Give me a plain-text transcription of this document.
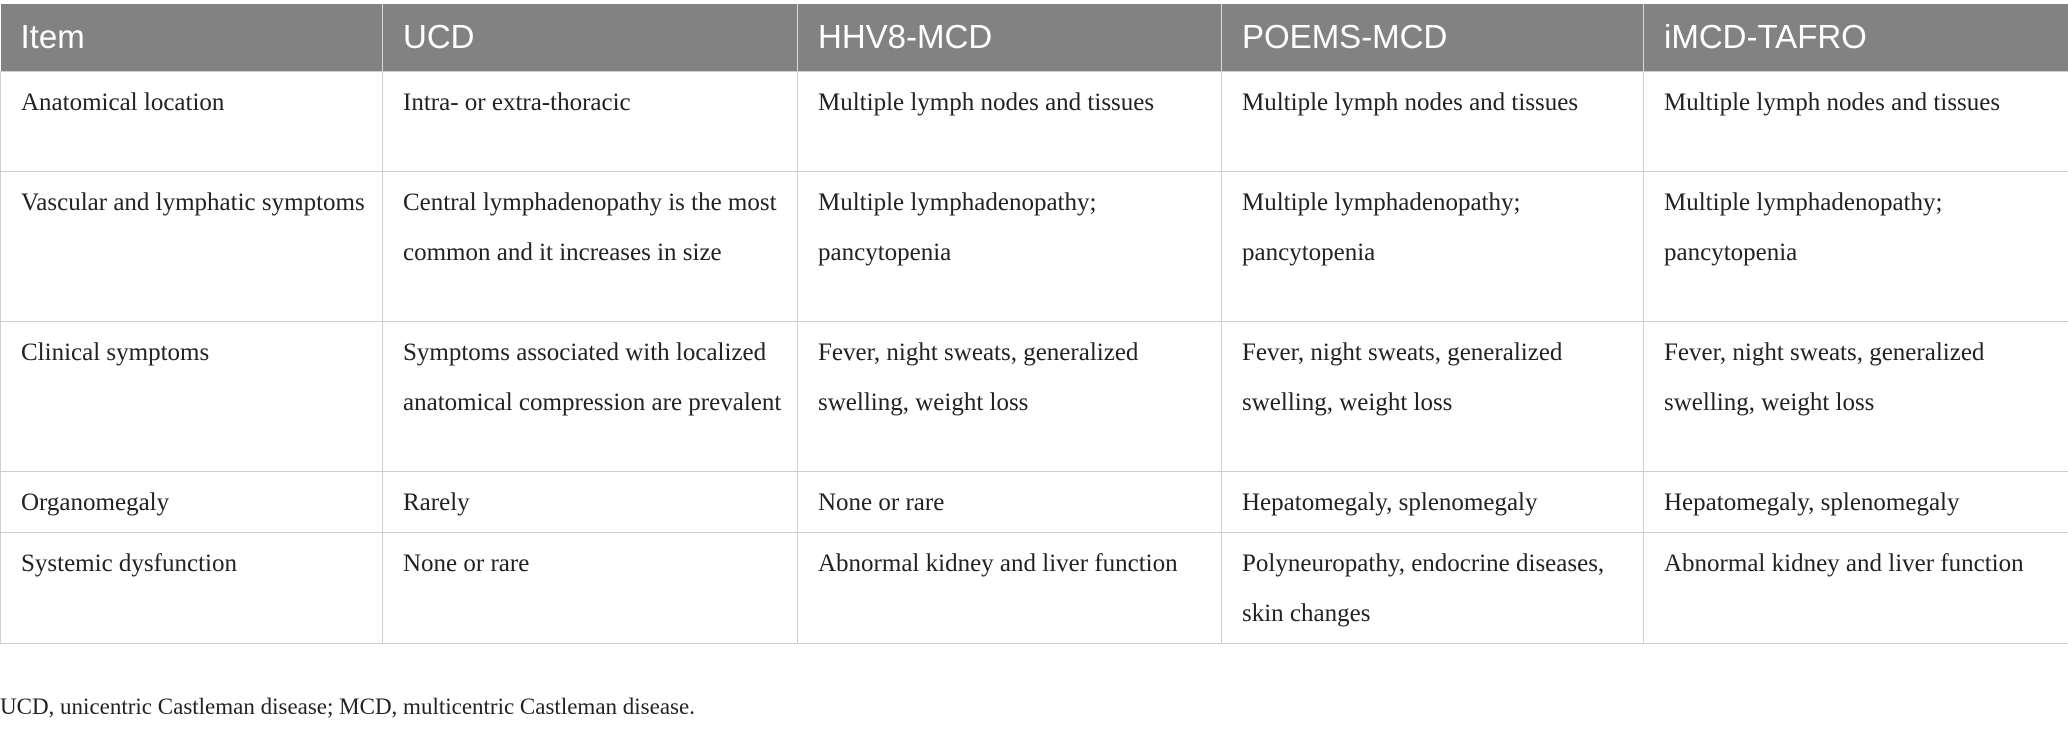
Item	UCD	HHV8-MCD	POEMS-MCD	iMCD-TAFRO
Anatomical location	Intra- or extra-thoracic	Multiple lymph nodes and tissues	Multiple lymph nodes and tissues	Multiple lymph nodes and tissues
Vascular and lymphatic symptoms	Central lymphadenopathy is the most common and it increases in size	Multiple lymphadenopathy; pancytopenia	Multiple lymphadenopathy; pancytopenia	Multiple lymphadenopathy; pancytopenia
Clinical symptoms	Symptoms associated with localized anatomical compression are prevalent	Fever, night sweats, generalized swelling, weight loss	Fever, night sweats, generalized swelling, weight loss	Fever, night sweats, generalized swelling, weight loss
Organomegaly	Rarely	None or rare	Hepatomegaly, splenomegaly	Hepatomegaly, splenomegaly
Systemic dysfunction	None or rare	Abnormal kidney and liver function	Polyneuropathy, endocrine diseases, skin changes	Abnormal kidney and liver function
UCD, unicentric Castleman disease; MCD, multicentric Castleman disease.
